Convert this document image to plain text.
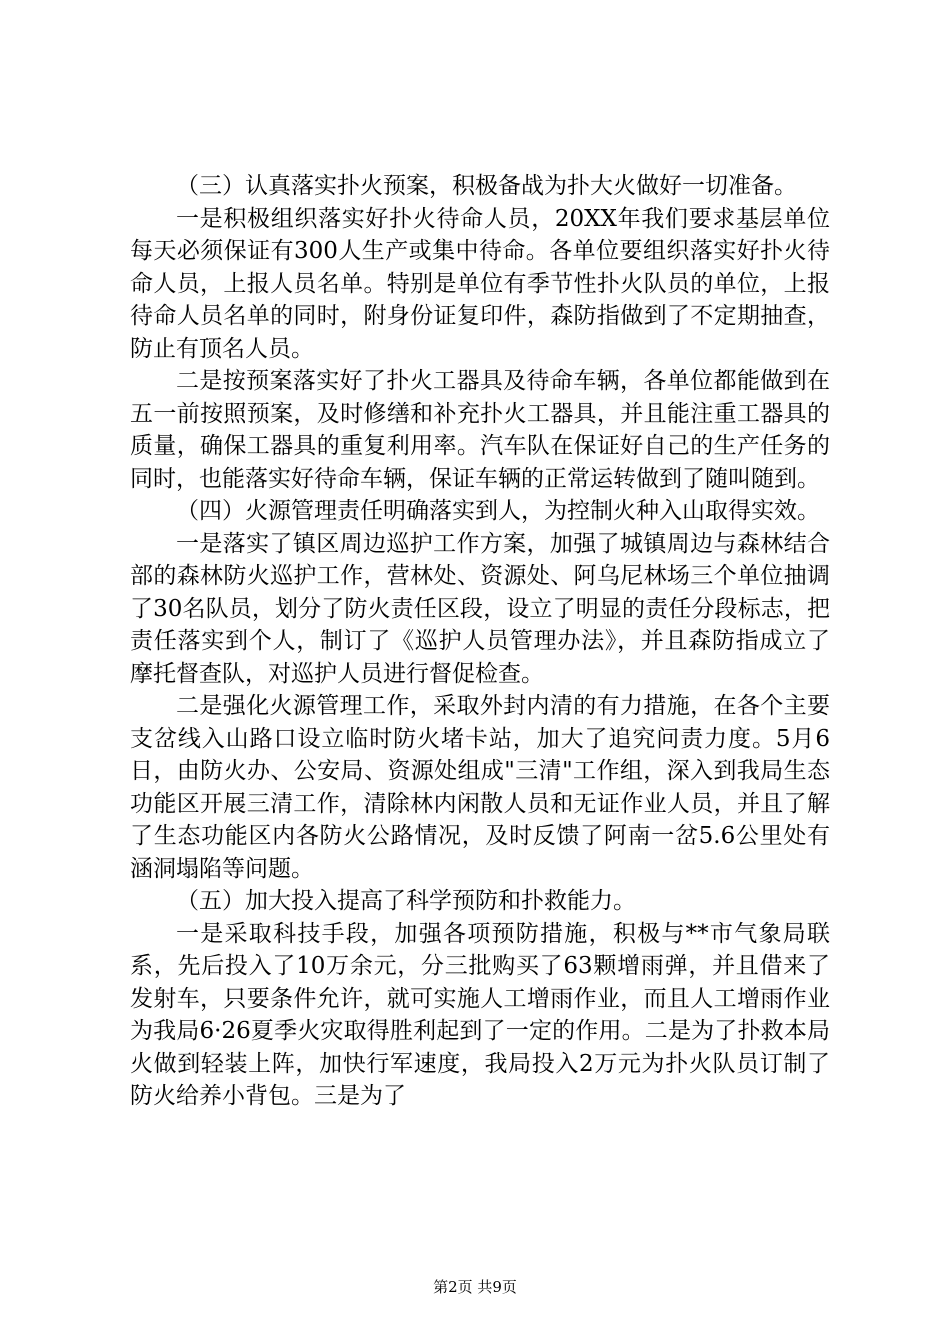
（三）认真落实扑火预案，积极备战为扑大火做好一切准备。

一是积极组织落实好扑火待命人员，20XX年我们要求基层单位每天必须保证有300人生产或集中待命。各单位要组织落实好扑火待命人员，上报人员名单。特别是单位有季节性扑火队员的单位，上报待命人员名单的同时，附身份证复印件，森防指做到了不定期抽查，防止有顶名人员。

二是按预案落实好了扑火工器具及待命车辆，各单位都能做到在五一前按照预案，及时修缮和补充扑火工器具，并且能注重工器具的质量，确保工器具的重复利用率。汽车队在保证好自己的生产任务的同时，也能落实好待命车辆，保证车辆的正常运转做到了随叫随到。

（四）火源管理责任明确落实到人，为控制火种入山取得实效。

一是落实了镇区周边巡护工作方案，加强了城镇周边与森林结合部的森林防火巡护工作，营林处、资源处、阿乌尼林场三个单位抽调了30名队员，划分了防火责任区段，设立了明显的责任分段标志，把责任落实到个人，制订了《巡护人员管理办法》，并且森防指成立了摩托督查队，对巡护人员进行督促检查。

二是强化火源管理工作，采取外封内清的有力措施，在各个主要支岔线入山路口设立临时防火堵卡站，加大了追究问责力度。5月6日，由防火办、公安局、资源处组成"三清"工作组，深入到我局生态功能区开展三清工作，清除林内闲散人员和无证作业人员，并且了解了生态功能区内各防火公路情况，及时反馈了阿南一岔5.6公里处有涵洞塌陷等问题。

（五）加大投入提高了科学预防和扑救能力。

一是采取科技手段，加强各项预防措施，积极与**市气象局联系，先后投入了10万余元，分三批购买了63颗增雨弹，并且借来了发射车，只要条件允许，就可实施人工增雨作业，而且人工增雨作业为我局6·26夏季火灾取得胜利起到了一定的作用。二是为了扑救本局火做到轻装上阵，加快行军速度，我局投入2万元为扑火队员订制了防火给养小背包。三是为了

第2页 共9页
